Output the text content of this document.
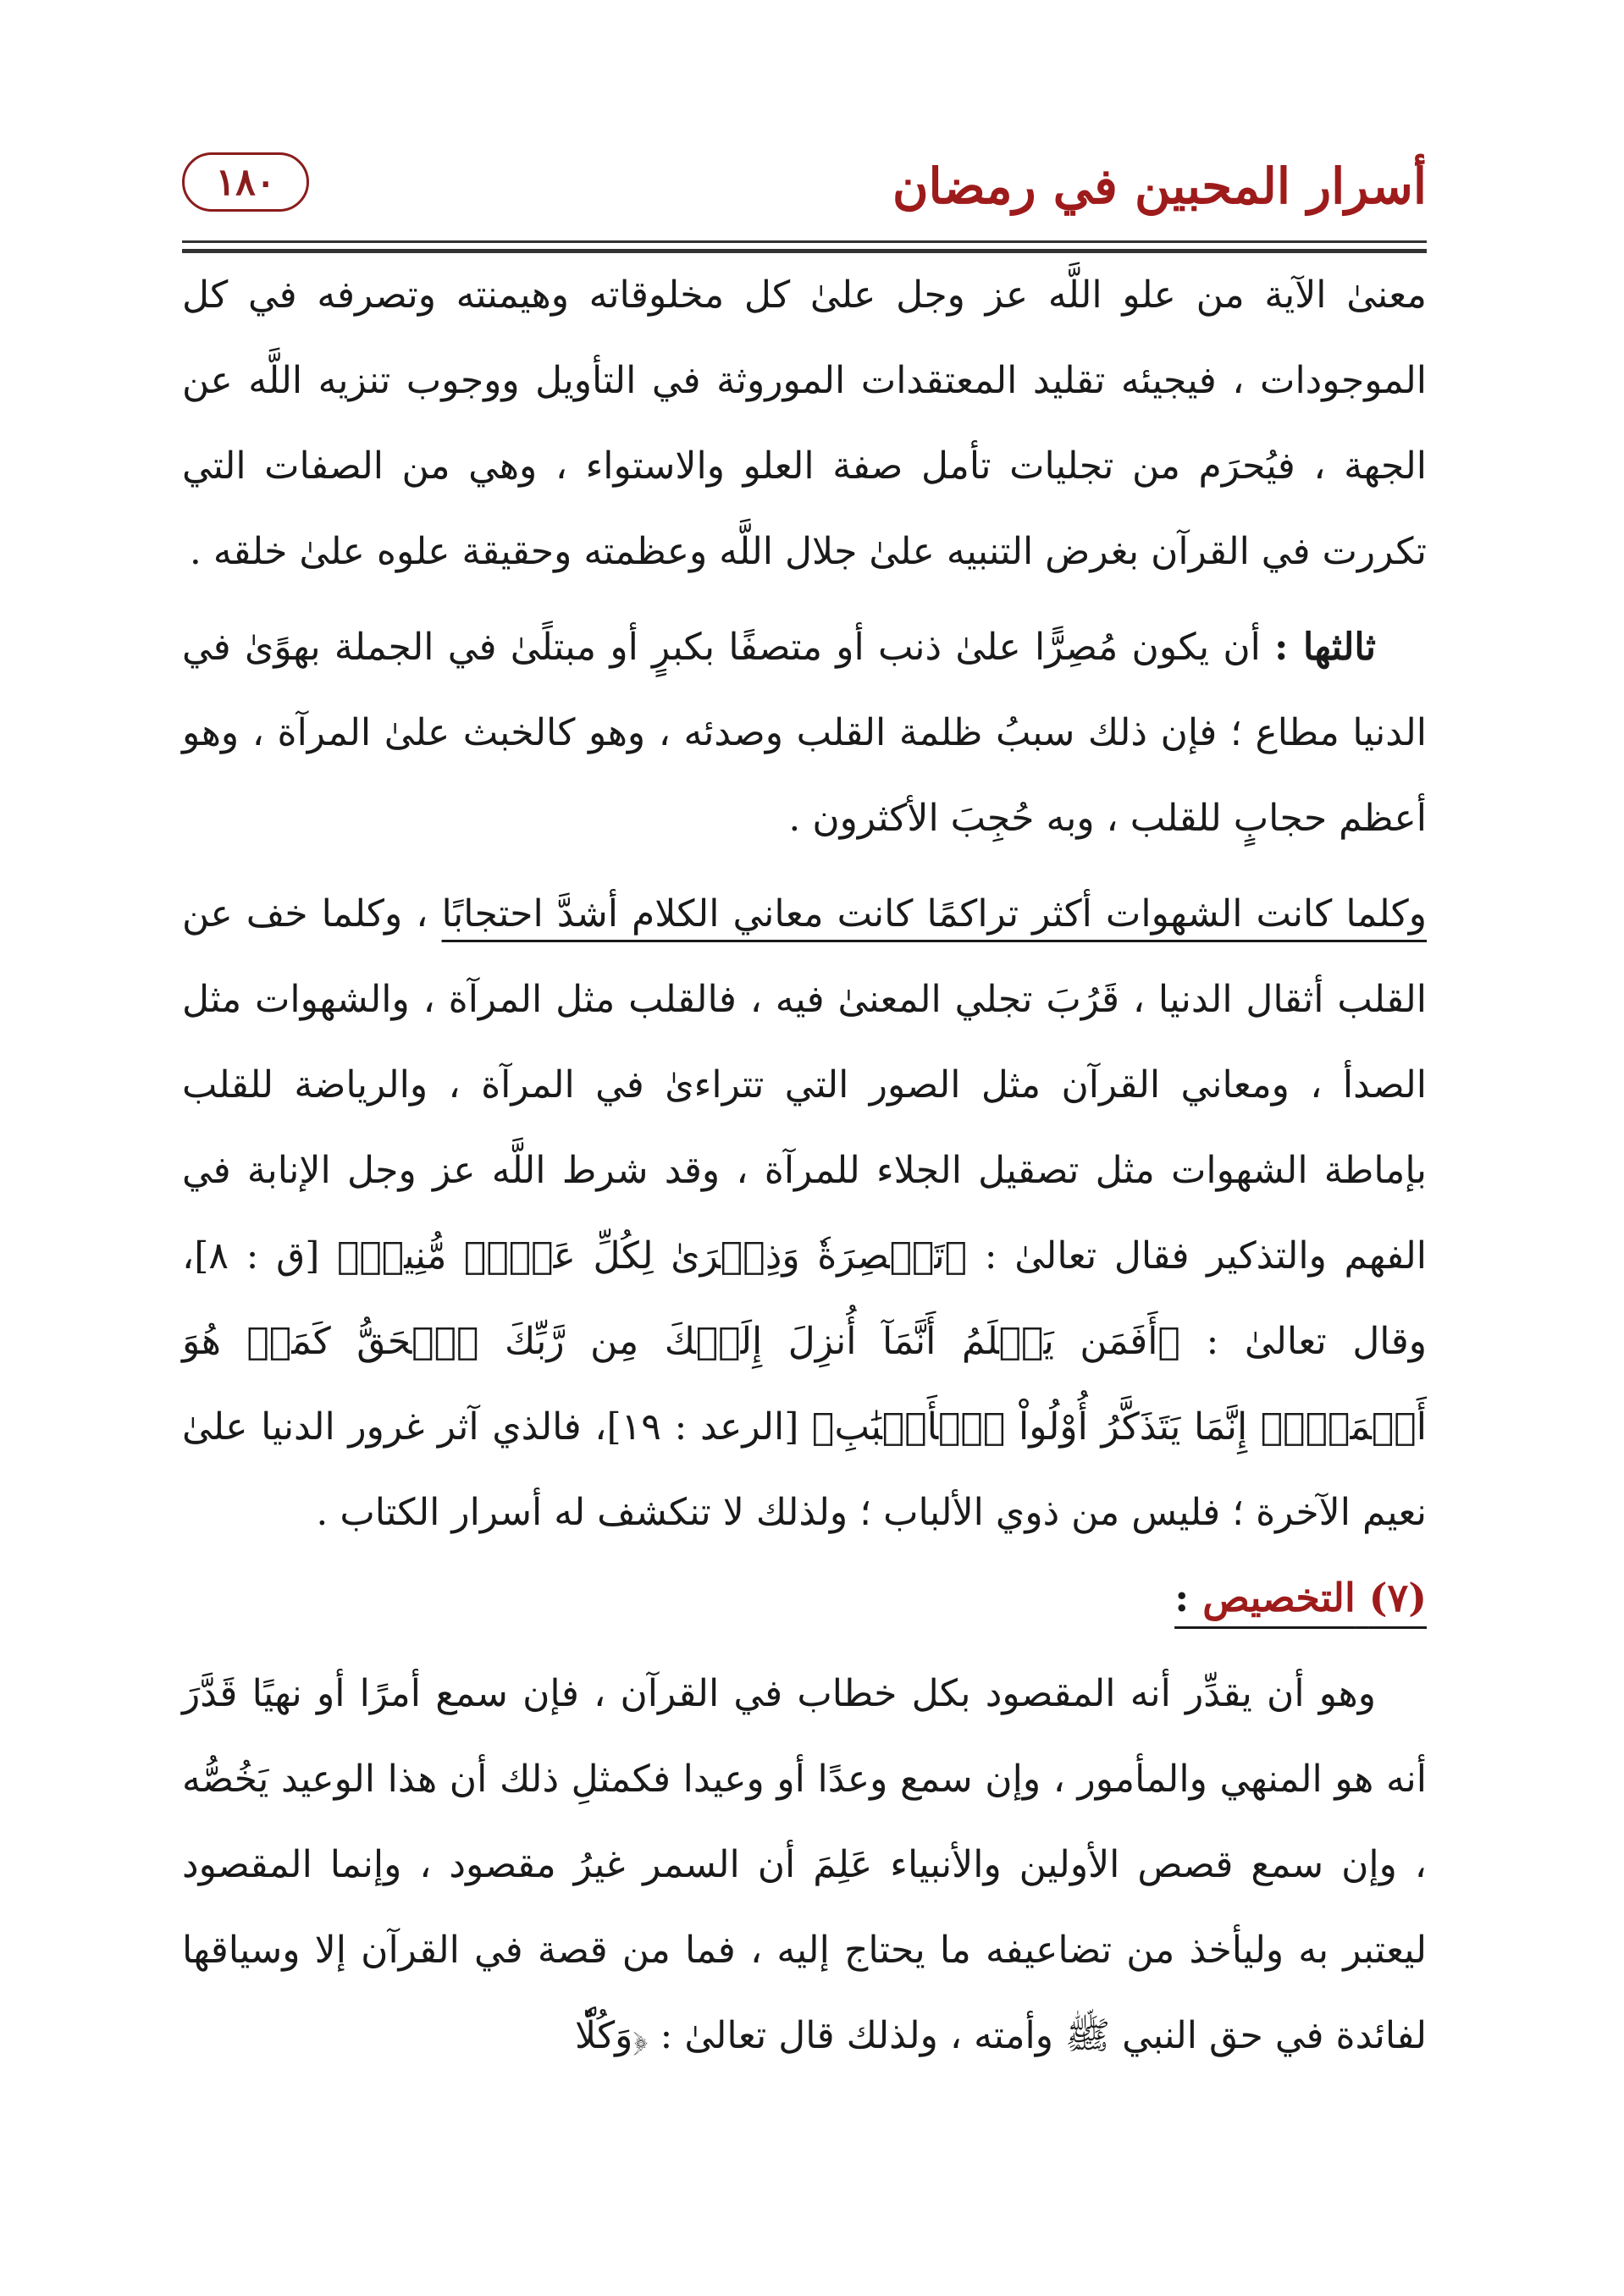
١٨٠	أسرار المحبين في رمضان

معنىٰ الآية من علو اللَّه عز وجل علىٰ كل مخلوقاته وهيمنته وتصرفه في كل الموجودات ، فيجيئه تقليد المعتقدات الموروثة في التأويل ووجوب تنزيه اللَّه عن الجهة ، فيُحرَم من تجليات تأمل صفة العلو والاستواء ، وهي من الصفات التي تكررت في القرآن بغرض التنبيه علىٰ جلال اللَّه وعظمته وحقيقة علوه علىٰ خلقه .

ثالثها : أن يكون مُصِرًّا علىٰ ذنب أو متصفًا بكبرٍ أو مبتلًىٰ في الجملة بهوًىٰ في الدنيا مطاع ؛ فإن ذلك سببُ ظلمة القلب وصدئه ، وهو كالخبث علىٰ المرآة ، وهو أعظم حجابٍ للقلب ، وبه حُجِبَ الأكثرون .

وكلما كانت الشهوات أكثر تراكمًا كانت معاني الكلام أشدَّ احتجابًا ، وكلما خف عن القلب أثقال الدنيا ، قَرُبَ تجلي المعنىٰ فيه ، فالقلب مثل المرآة ، والشهوات مثل الصدأ ، ومعاني القرآن مثل الصور التي تتراءىٰ في المرآة ، والرياضة للقلب بإماطة الشهوات مثل تصقيل الجلاء للمرآة ، وقد شرط اللَّه عز وجل الإنابة في الفهم والتذكير فقال تعالىٰ : ﴿تَبۡصِرَةٗ وَذِكۡرَىٰ لِكُلِّ عَبۡدٖ مُّنِيبٖ﴾ [ق : ٨]، وقال تعالىٰ : ﴿أَفَمَن يَعۡلَمُ أَنَّمَآ أُنزِلَ إِلَيۡكَ مِن رَّبِّكَ ٱلۡحَقُّ كَمَنۡ هُوَ أَعۡمَىٰٓۚ إِنَّمَا يَتَذَكَّرُ أُوْلُواْ ٱلۡأَلۡبَٰبِ﴾ [الرعد : ١٩]، فالذي آثر غرور الدنيا علىٰ نعيم الآخرة ؛ فليس من ذوي الألباب ؛ ولذلك لا تنكشف له أسرار الكتاب .

(٧) التخصيص :

وهو أن يقدِّر أنه المقصود بكل خطاب في القرآن ، فإن سمع أمرًا أو نهيًا قَدَّرَ أنه هو المنهي والمأمور ، وإن سمع وعدًا أو وعيدا فكمثلِ ذلك أن هذا الوعيد يَخُصُّه ، وإن سمع قصص الأولين والأنبياء عَلِمَ أن السمر غيرُ مقصود ، وإنما المقصود ليعتبر به وليأخذ من تضاعيفه ما يحتاج إليه ، فما من قصة في القرآن إلا وسياقها لفائدة في حق النبي ﷺ وأمته ، ولذلك قال تعالىٰ : ﴿وَكُلّٗا
